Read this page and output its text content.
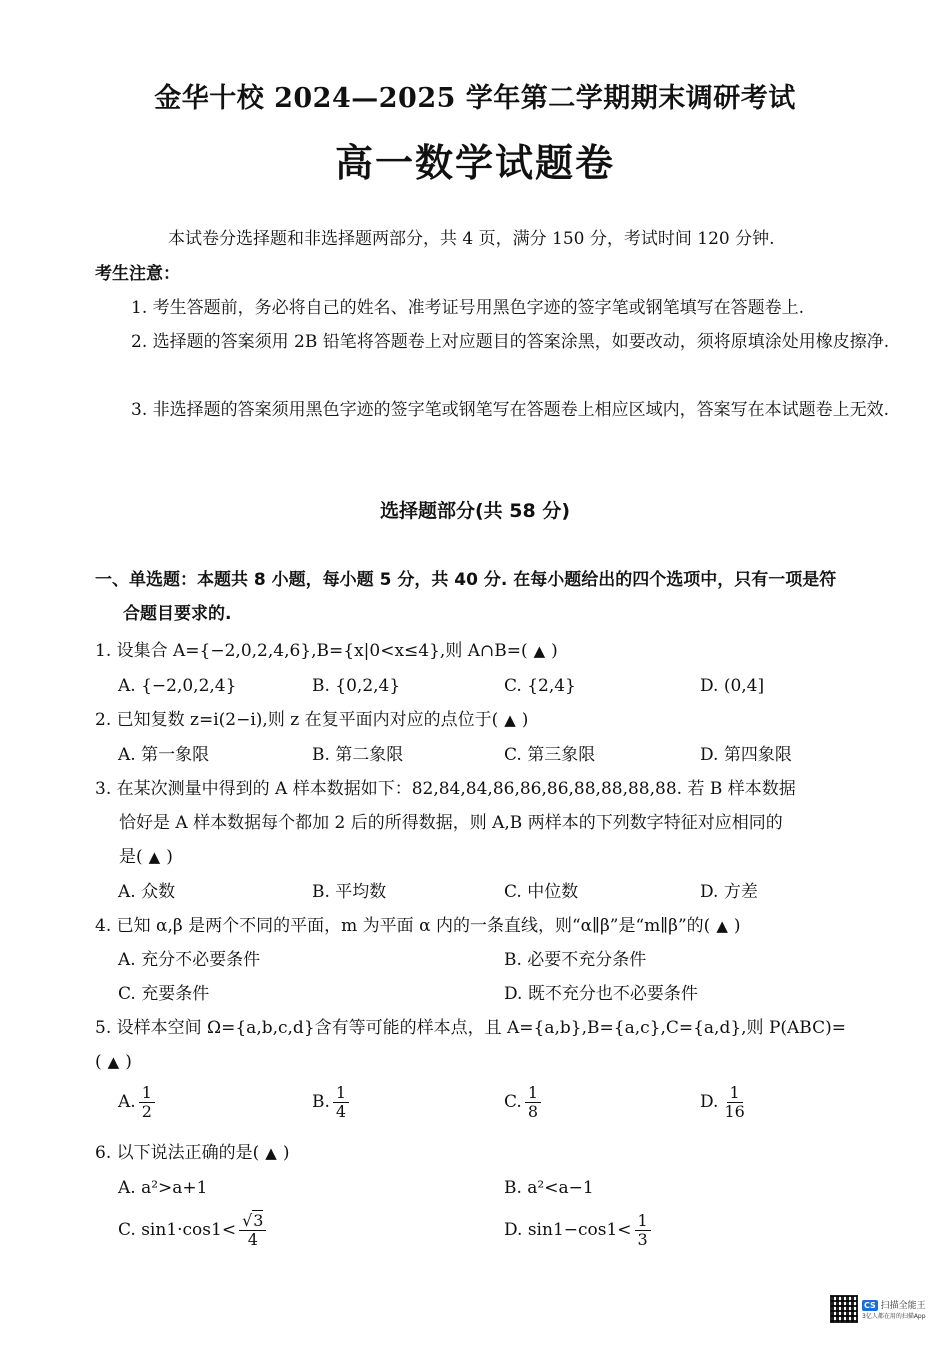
金华十校 2024—2025 学年第二学期期末调研考试
高一数学试题卷
本试卷分选择题和非选择题两部分，共 4 页，满分 150 分，考试时间 120 分钟.
考生注意：
1. 考生答题前，务必将自己的姓名、准考证号用黑色字迹的签字笔或钢笔填写在答题卷上.
2. 选择题的答案须用 2B 铅笔将答题卷上对应题目的答案涂黑，如要改动，须将原填涂处用橡皮擦净.
3. 非选择题的答案须用黑色字迹的签字笔或钢笔写在答题卷上相应区域内，答案写在本试题卷上无效.
选择题部分(共 58 分)
一、单选题：本题共 8 小题，每小题 5 分，共 40 分. 在每小题给出的四个选项中，只有一项是符
合题目要求的.
1. 设集合 A={−2,0,2,4,6},B={x|0<x≤4},则 A∩B=( ▲ )
A. {−2,0,2,4}	B. {0,2,4}	C. {2,4}	D. (0,4]
2. 已知复数 z=i(2−i),则 z 在复平面内对应的点位于( ▲ )
A. 第一象限	B. 第二象限	C. 第三象限	D. 第四象限
3. 在某次测量中得到的 A 样本数据如下：82,84,84,86,86,86,88,88,88,88. 若 B 样本数据
恰好是 A 样本数据每个都加 2 后的所得数据，则 A,B 两样本的下列数字特征对应相同的
是( ▲ )
A. 众数	B. 平均数	C. 中位数	D. 方差
4. 已知 α,β 是两个不同的平面，m 为平面 α 内的一条直线，则“α∥β”是“m∥β”的( ▲ )
A. 充分不必要条件	B. 必要不充分条件
C. 充要条件	D. 既不充分也不必要条件
5. 设样本空间 Ω={a,b,c,d}含有等可能的样本点，且 A={a,b},B={a,c},C={a,d},则 P(ABC)=
( ▲ )
A. $\frac{1}{2}$	B. $\frac{1}{4}$	C. $\frac{1}{8}$	D. $\frac{1}{16}$
6. 以下说法正确的是( ▲ )
A. a²>a+1	B. a²<a−1
C. $\sin 1\cdot\cos 1< \frac{√3}{4}$	D. $\sin 1-\cos 1< \frac{1}{3}$
CS 扫描全能王
3亿人都在用的扫描App
